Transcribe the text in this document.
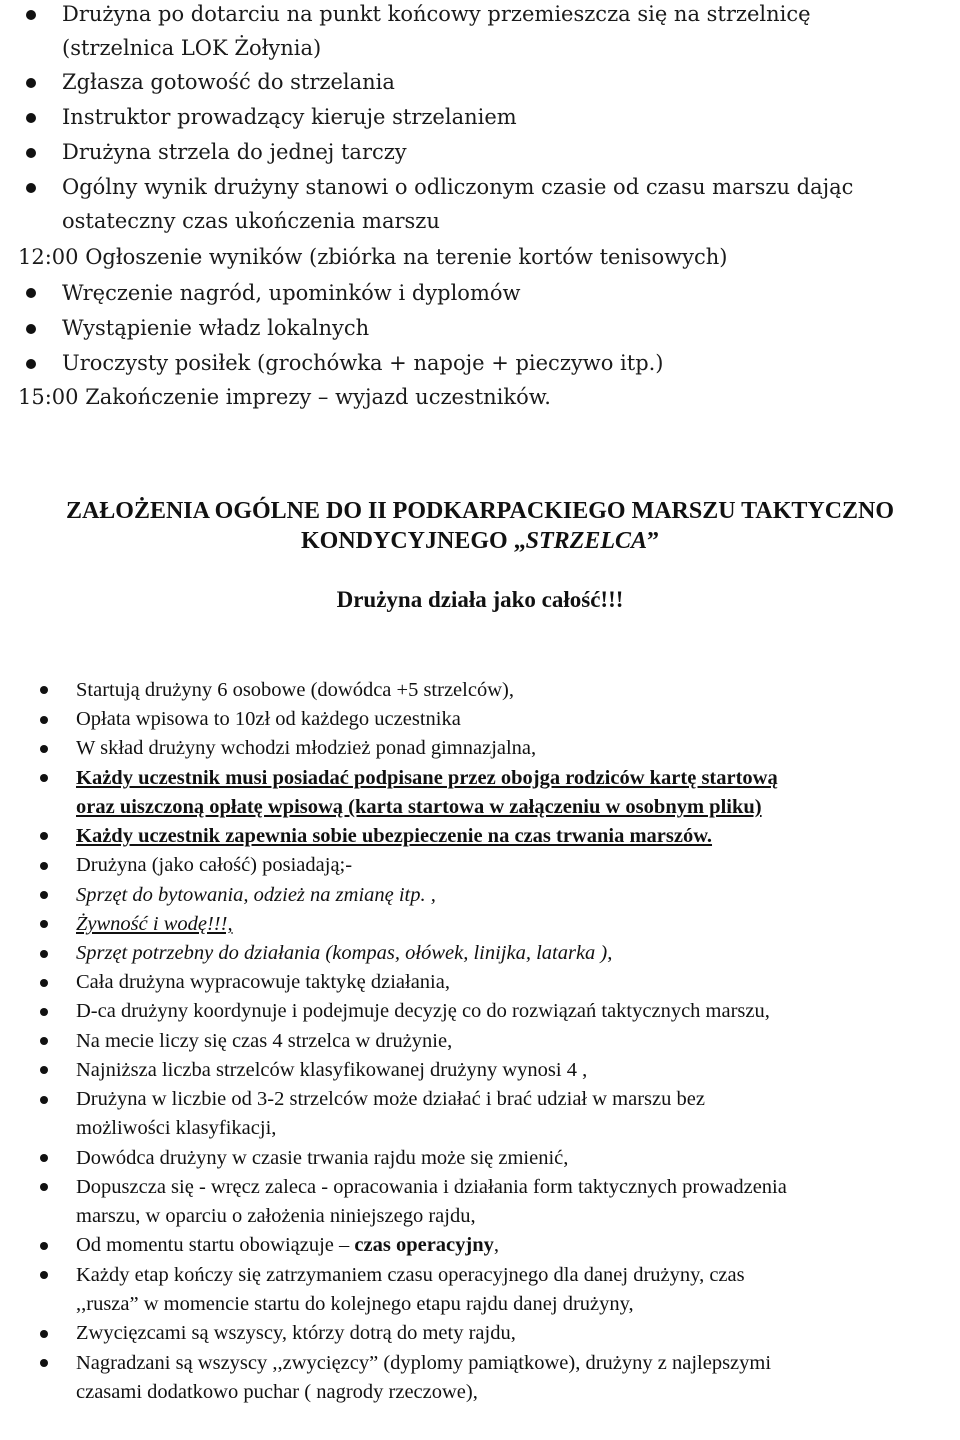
Drużyna po dotarciu na punkt końcowy przemieszcza się na strzelnicę
(strzelnica LOK Żołynia)
Zgłasza gotowość do strzelania
Instruktor prowadzący kieruje strzelaniem
Drużyna strzela do jednej tarczy
Ogólny wynik drużyny stanowi o odliczonym czasie od czasu marszu dając
ostateczny czas ukończenia marszu
12:00 Ogłoszenie wyników (zbiórka na terenie kortów tenisowych)
Wręczenie nagród, upominków i dyplomów
Wystąpienie władz lokalnych
Uroczysty posiłek (grochówka + napoje + pieczywo itp.)
15:00 Zakończenie imprezy – wyjazd uczestników.
ZAŁOŻENIA OGÓLNE DO II PODKARPACKIEGO MARSZU TAKTYCZNO
KONDYCYJNEGO „STRZELCA”
Drużyna działa jako całość!!!
Startują drużyny 6 osobowe (dowódca +5 strzelców),
Opłata wpisowa to 10zł od każdego uczestnika
W skład drużyny wchodzi młodzież ponad gimnazjalna,
Każdy uczestnik musi posiadać podpisane przez obojga rodziców kartę startową
oraz uiszczoną opłatę wpisową (karta startowa w załączeniu w osobnym pliku)
Każdy uczestnik zapewnia sobie ubezpieczenie na czas trwania marszów.
Drużyna (jako całość) posiadają;-
Sprzęt do bytowania, odzież na zmianę itp. ,
Żywność i wodę!!!,
Sprzęt potrzebny do działania (kompas, ołówek, linijka, latarka ),
Cała drużyna wypracowuje taktykę działania,
D-ca drużyny koordynuje i podejmuje decyzję co do rozwiązań taktycznych marszu,
Na mecie liczy się czas 4 strzelca w drużynie,
Najniższa liczba strzelców klasyfikowanej drużyny wynosi 4 ,
Drużyna w liczbie od 3-2 strzelców może działać i brać udział w marszu bez
możliwości klasyfikacji,
Dowódca drużyny w czasie trwania rajdu może się zmienić,
Dopuszcza się - wręcz zaleca - opracowania i działania form taktycznych prowadzenia
marszu, w oparciu o założenia niniejszego rajdu,
Od momentu startu obowiązuje – czas operacyjny,
Każdy etap kończy się zatrzymaniem czasu operacyjnego dla danej drużyny, czas
,,rusza” w momencie startu do kolejnego etapu rajdu danej drużyny,
Zwycięzcami są wszyscy, którzy dotrą do mety rajdu,
Nagradzani są wszyscy ,,zwycięzcy” (dyplomy pamiątkowe), drużyny z najlepszymi
czasami dodatkowo puchar ( nagrody rzeczowe),
